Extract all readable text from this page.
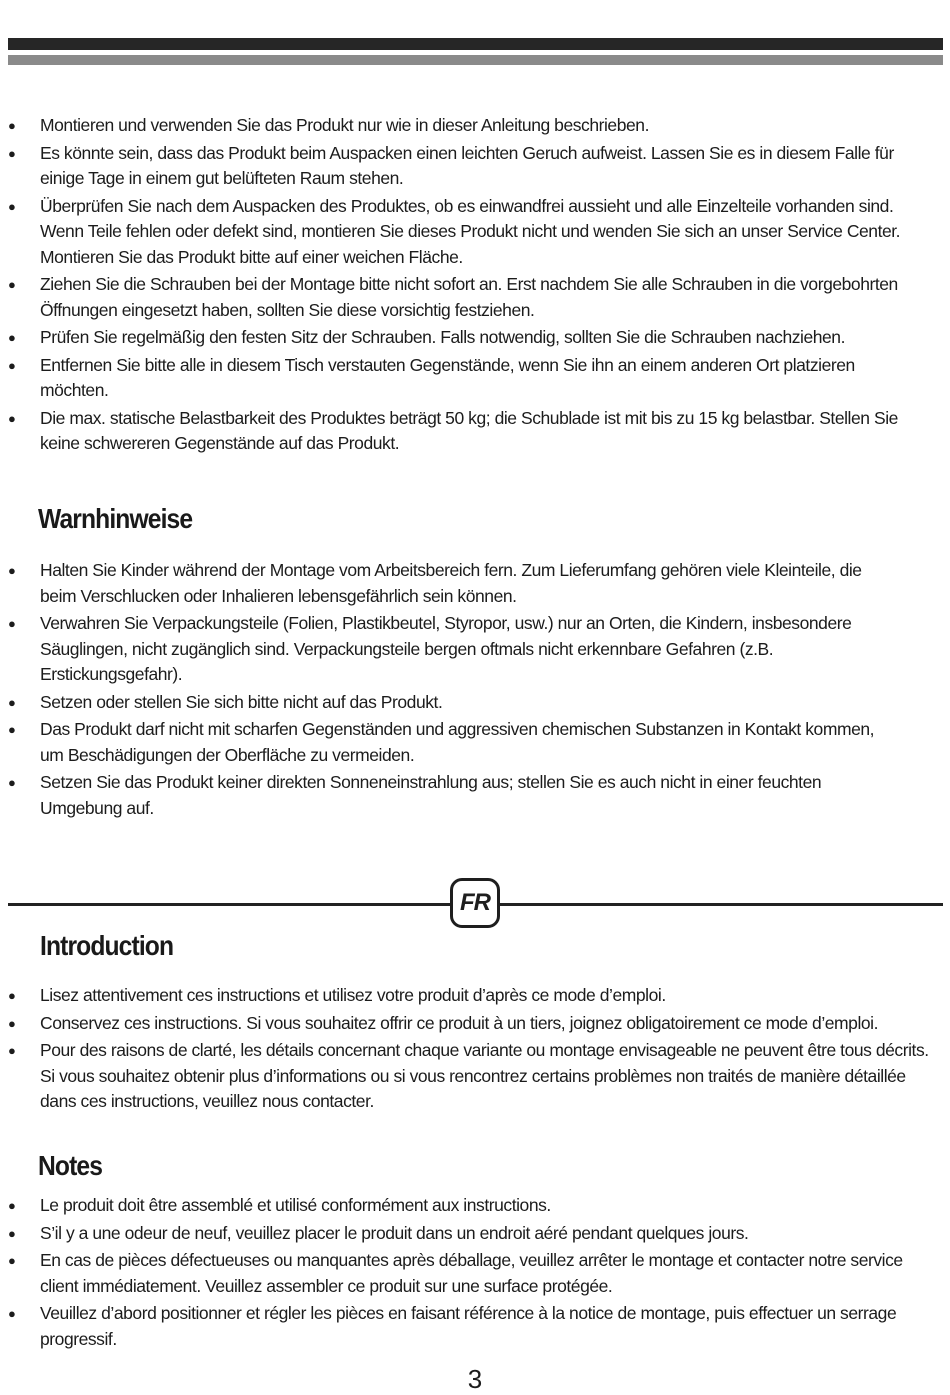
● Montieren und verwenden Sie das Produkt nur wie in dieser Anleitung beschrieben.
● Es könnte sein, dass das Produkt beim Auspacken einen leichten Geruch aufweist. Lassen Sie es in diesem Falle für einige Tage in einem gut belüfteten Raum stehen.
● Überprüfen Sie nach dem Auspacken des Produktes, ob es einwandfrei aussieht und alle Einzelteile vorhanden sind. Wenn Teile fehlen oder defekt sind, montieren Sie dieses Produkt nicht und wenden Sie sich an unser Service Center. Montieren Sie das Produkt bitte auf einer weichen Fläche.
● Ziehen Sie die Schrauben bei der Montage bitte nicht sofort an. Erst nachdem Sie alle Schrauben in die vorgebohrten Öffnungen eingesetzt haben, sollten Sie diese vorsichtig festziehen.
● Prüfen Sie regelmäßig den festen Sitz der Schrauben. Falls notwendig, sollten Sie die Schrauben nachziehen.
● Entfernen Sie bitte alle in diesem Tisch verstauten Gegenstände, wenn Sie ihn an einem anderen Ort platzieren möchten.
● Die max. statische Belastbarkeit des Produktes beträgt 50 kg; die Schublade ist mit bis zu 15 kg belastbar. Stellen Sie keine schwereren Gegenstände auf das Produkt.
Warnhinweise
● Halten Sie Kinder während der Montage vom Arbeitsbereich fern. Zum Lieferumfang gehören viele Kleinteile, die beim Verschlucken oder Inhalieren lebensgefährlich sein können.
● Verwahren Sie Verpackungsteile (Folien, Plastikbeutel, Styropor, usw.) nur an Orten, die Kindern, insbesondere Säuglingen, nicht zugänglich sind. Verpackungsteile bergen oftmals nicht erkennbare Gefahren (z.B. Erstickungsgefahr).
● Setzen oder stellen Sie sich bitte nicht auf das Produkt.
● Das Produkt darf nicht mit scharfen Gegenständen und aggressiven chemischen Substanzen in Kontakt kommen, um Beschädigungen der Oberfläche zu vermeiden.
● Setzen Sie das Produkt keiner direkten Sonneneinstrahlung aus; stellen Sie es auch nicht in einer feuchten Umgebung auf.
FR
Introduction
● Lisez attentivement ces instructions et utilisez votre produit d’après ce mode d’emploi.
● Conservez ces instructions. Si vous souhaitez offrir ce produit à un tiers, joignez obligatoirement ce mode d’emploi.
● Pour des raisons de clarté, les détails concernant chaque variante ou montage envisageable ne peuvent être tous décrits. Si vous souhaitez obtenir plus d’informations ou si vous rencontrez certains problèmes non traités de manière détaillée dans ces instructions, veuillez nous contacter.
Notes
● Le produit doit être assemblé et utilisé conformément aux instructions.
● S’il y a une odeur de neuf, veuillez placer le produit dans un endroit aéré pendant quelques jours.
● En cas de pièces défectueuses ou manquantes après déballage, veuillez arrêter le montage et contacter notre service client immédiatement. Veuillez assembler ce produit sur une surface protégée.
● Veuillez d’abord positionner et régler les pièces en faisant référence à la notice de montage, puis effectuer un serrage progressif.
3
